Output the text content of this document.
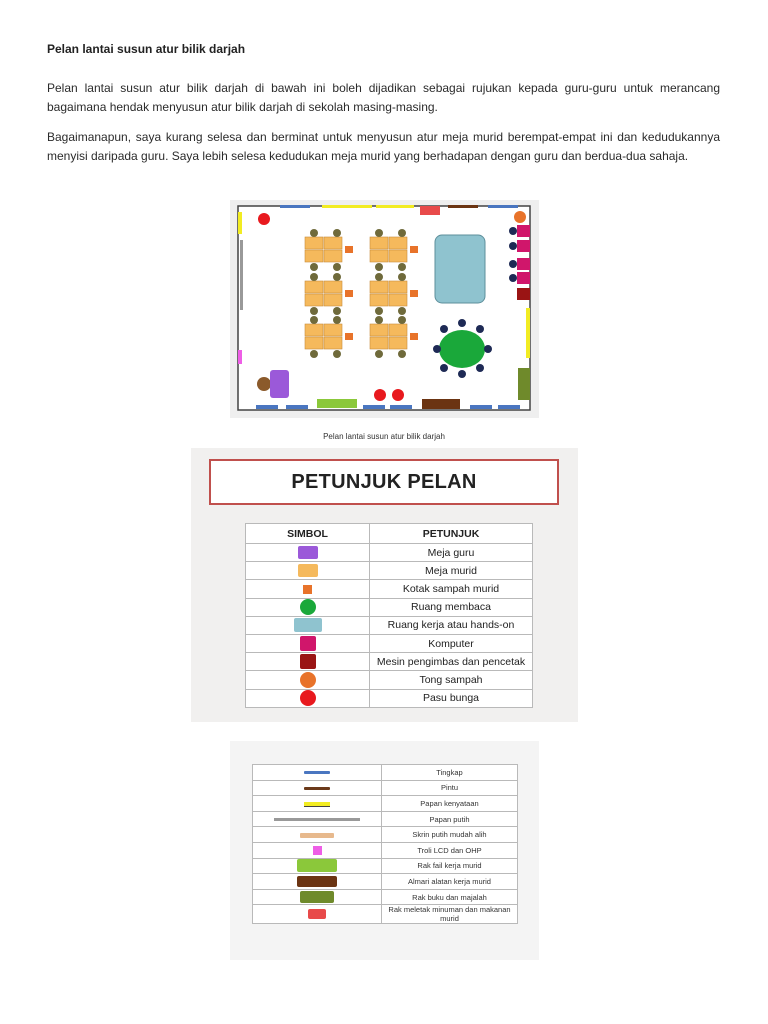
Pelan lantai susun atur bilik darjah
Pelan lantai susun atur bilik darjah di bawah ini boleh dijadikan sebagai rujukan kepada guru-guru untuk merancang bagaimana hendak menyusun atur bilik darjah di sekolah masing-masing.
Bagaimanapun, saya kurang selesa dan berminat untuk menyusun atur meja murid berempat-empat ini dan kedudukannya menyisi daripada guru. Saya lebih selesa kedudukan meja murid yang berhadapan dengan guru dan berdua-dua sahaja.
Pelan lantai susun atur bilik darjah
PETUNJUK PELAN
SIMBOL	PETUNJUK
	Meja guru
	Meja murid
	Kotak sampah murid
	Ruang membaca
	Ruang kerja atau hands-on
	Komputer
	Mesin pengimbas dan pencetak
	Tong sampah
	Pasu bunga
	Tingkap
	Pintu
	Papan kenyataan
	Papan putih
	Skrin putih mudah alih
	Troli LCD dan OHP
	Rak fail kerja murid
	Almari alatan kerja murid
	Rak buku dan majalah
	Rak meletak minuman dan makanan murid
